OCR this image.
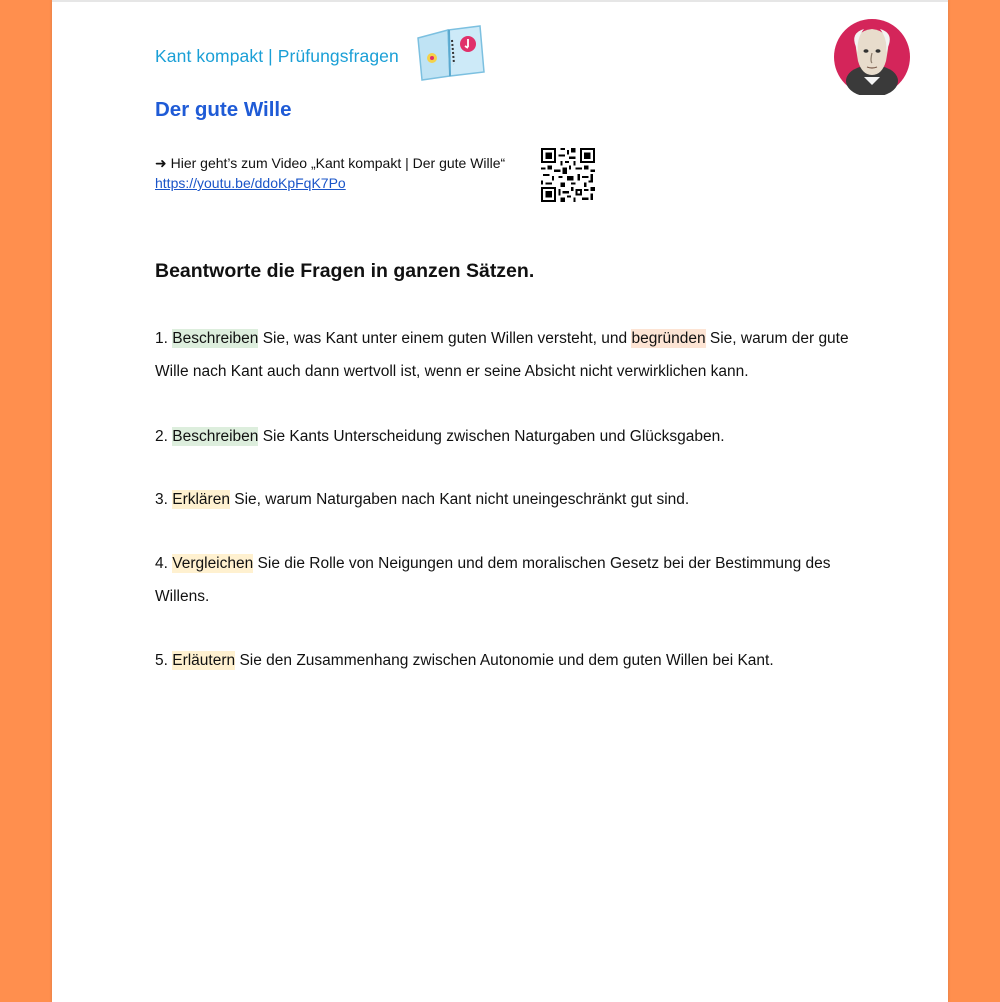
Kant kompakt | Prüfungsfragen
Der gute Wille
➜ Hier geht’s zum Video „Kant kompakt | Der gute Wille“
https://youtu.be/ddoKpFqK7Po
Beantworte die Fragen in ganzen Sätzen.

1. Beschreiben Sie, was Kant unter einem guten Willen versteht, und begründen Sie, warum der gute Wille nach Kant auch dann wertvoll ist, wenn er seine Absicht nicht verwirklichen kann.

2. Beschreiben Sie Kants Unterscheidung zwischen Naturgaben und Glücksgaben.

3. Erklären Sie, warum Naturgaben nach Kant nicht uneingeschränkt gut sind.

4. Vergleichen Sie die Rolle von Neigungen und dem moralischen Gesetz bei der Bestimmung des Willens.

5. Erläutern Sie den Zusammenhang zwischen Autonomie und dem guten Willen bei Kant.
